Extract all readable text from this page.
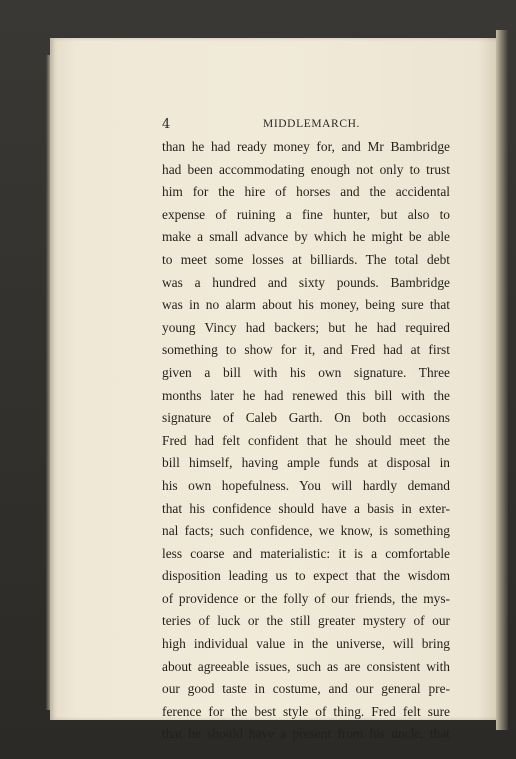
4	MIDDLEMARCH.
than he had ready money for, and Mr Bambridge
had been accommodating enough not only to trust
him for the hire of horses and the accidental
expense of ruining a fine hunter, but also to
make a small advance by which he might be able
to meet some losses at billiards. The total debt
was a hundred and sixty pounds. Bambridge
was in no alarm about his money, being sure that
young Vincy had backers; but he had required
something to show for it, and Fred had at first
given a bill with his own signature. Three
months later he had renewed this bill with the
signature of Caleb Garth. On both occasions
Fred had felt confident that he should meet the
bill himself, having ample funds at disposal in
his own hopefulness. You will hardly demand
that his confidence should have a basis in exter-
nal facts; such confidence, we know, is something
less coarse and materialistic: it is a comfortable
disposition leading us to expect that the wisdom
of providence or the folly of our friends, the mys-
teries of luck or the still greater mystery of our
high individual value in the universe, will bring
about agreeable issues, such as are consistent with
our good taste in costume, and our general pre-
ference for the best style of thing. Fred felt sure
that he should have a present from his uncle, that
